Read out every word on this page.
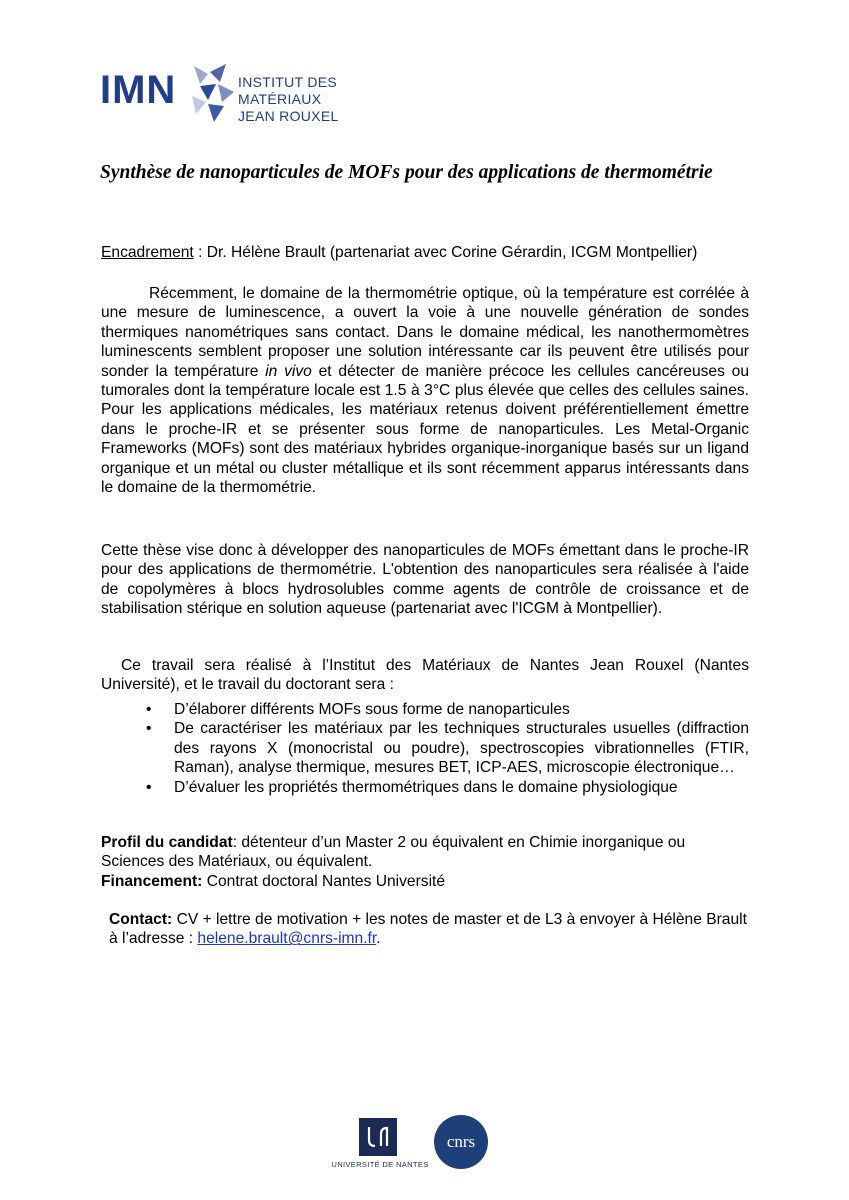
IMN	INSTITUT DES MATÉRIAUX
JEAN ROUXEL
Synthèse de nanoparticules de MOFs pour des applications de thermométrie
Encadrement : Dr. Hélène Brault (partenariat avec Corine Gérardin, ICGM Montpellier)
Récemment, le domaine de la thermométrie optique, où la température est corrélée à une mesure de luminescence, a ouvert la voie à une nouvelle génération de sondes thermiques nanométriques sans contact. Dans le domaine médical, les nanothermomètres luminescents semblent proposer une solution intéressante car ils peuvent être utilisés pour sonder la température in vivo et détecter de manière précoce les cellules cancéreuses ou tumorales dont la température locale est 1.5 à 3°C plus élevée que celles des cellules saines. Pour les applications médicales, les matériaux retenus doivent préférentiellement émettre dans le proche-IR et se présenter sous forme de nanoparticules. Les Metal-Organic Frameworks (MOFs) sont des matériaux hybrides organique-inorganique basés sur un ligand organique et un métal ou cluster métallique et ils sont récemment apparus intéressants dans le domaine de la thermométrie.
Cette thèse vise donc à développer des nanoparticules de MOFs émettant dans le proche-IR pour des applications de thermométrie. L'obtention des nanoparticules sera réalisée à l'aide de copolymères à blocs hydrosolubles comme agents de contrôle de croissance et de stabilisation stérique en solution aqueuse (partenariat avec l'ICGM à Montpellier).
Ce travail sera réalisé à l’Institut des Matériaux de Nantes Jean Rouxel (Nantes Université), et le travail du doctorant sera :
• D’élaborer différents MOFs sous forme de nanoparticules
• De caractériser les matériaux par les techniques structurales usuelles (diffraction des rayons X (monocristal ou poudre), spectroscopies vibrationnelles (FTIR, Raman), analyse thermique, mesures BET, ICP-AES, microscopie électronique…
• D’évaluer les propriétés thermométriques dans le domaine physiologique
Profil du candidat: détenteur d’un Master 2 ou équivalent en Chimie inorganique ou Sciences des Matériaux, ou équivalent.
Financement: Contrat doctoral Nantes Université
Contact: CV + lettre de motivation + les notes de master et de L3 à envoyer à Hélène Brault à l’adresse : helene.brault@cnrs-imn.fr.
UNIVERSITÉ DE NANTES
cnrs
